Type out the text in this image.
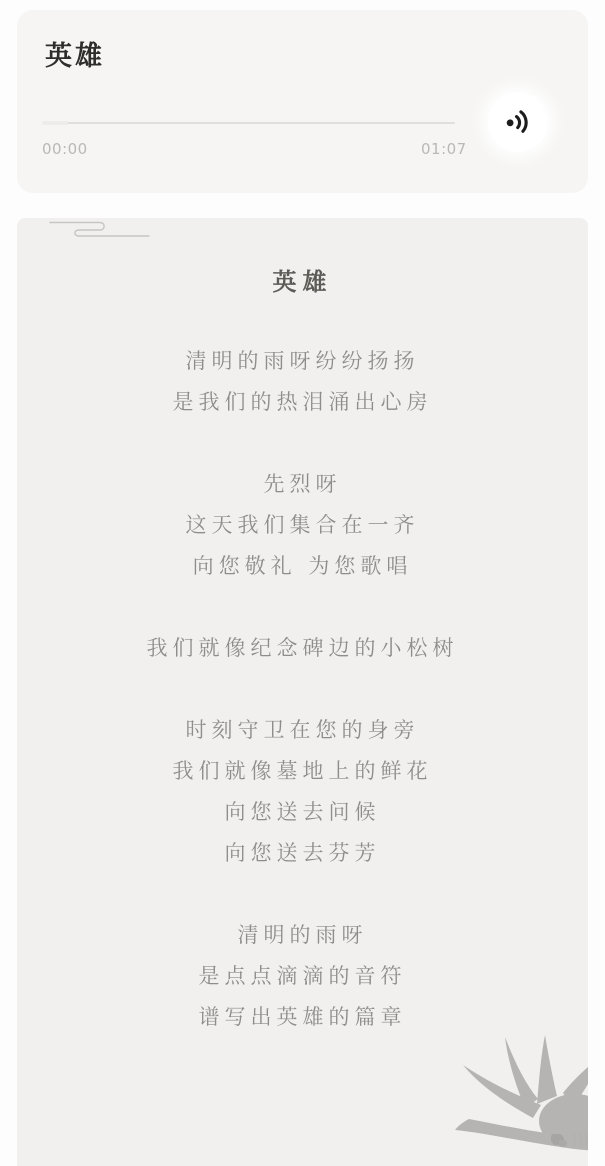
英雄
00:00	01:07
英雄

清明的雨呀纷纷扬扬

是我们的热泪涌出心房

先烈呀

这天我们集合在一齐

向您敬礼 为您歌唱

我们就像纪念碑边的小松树

时刻守卫在您的身旁

我们就像墓地上的鲜花

向您送去问候

向您送去芬芳

清明的雨呀

是点点滴滴的音符

谱写出英雄的篇章
